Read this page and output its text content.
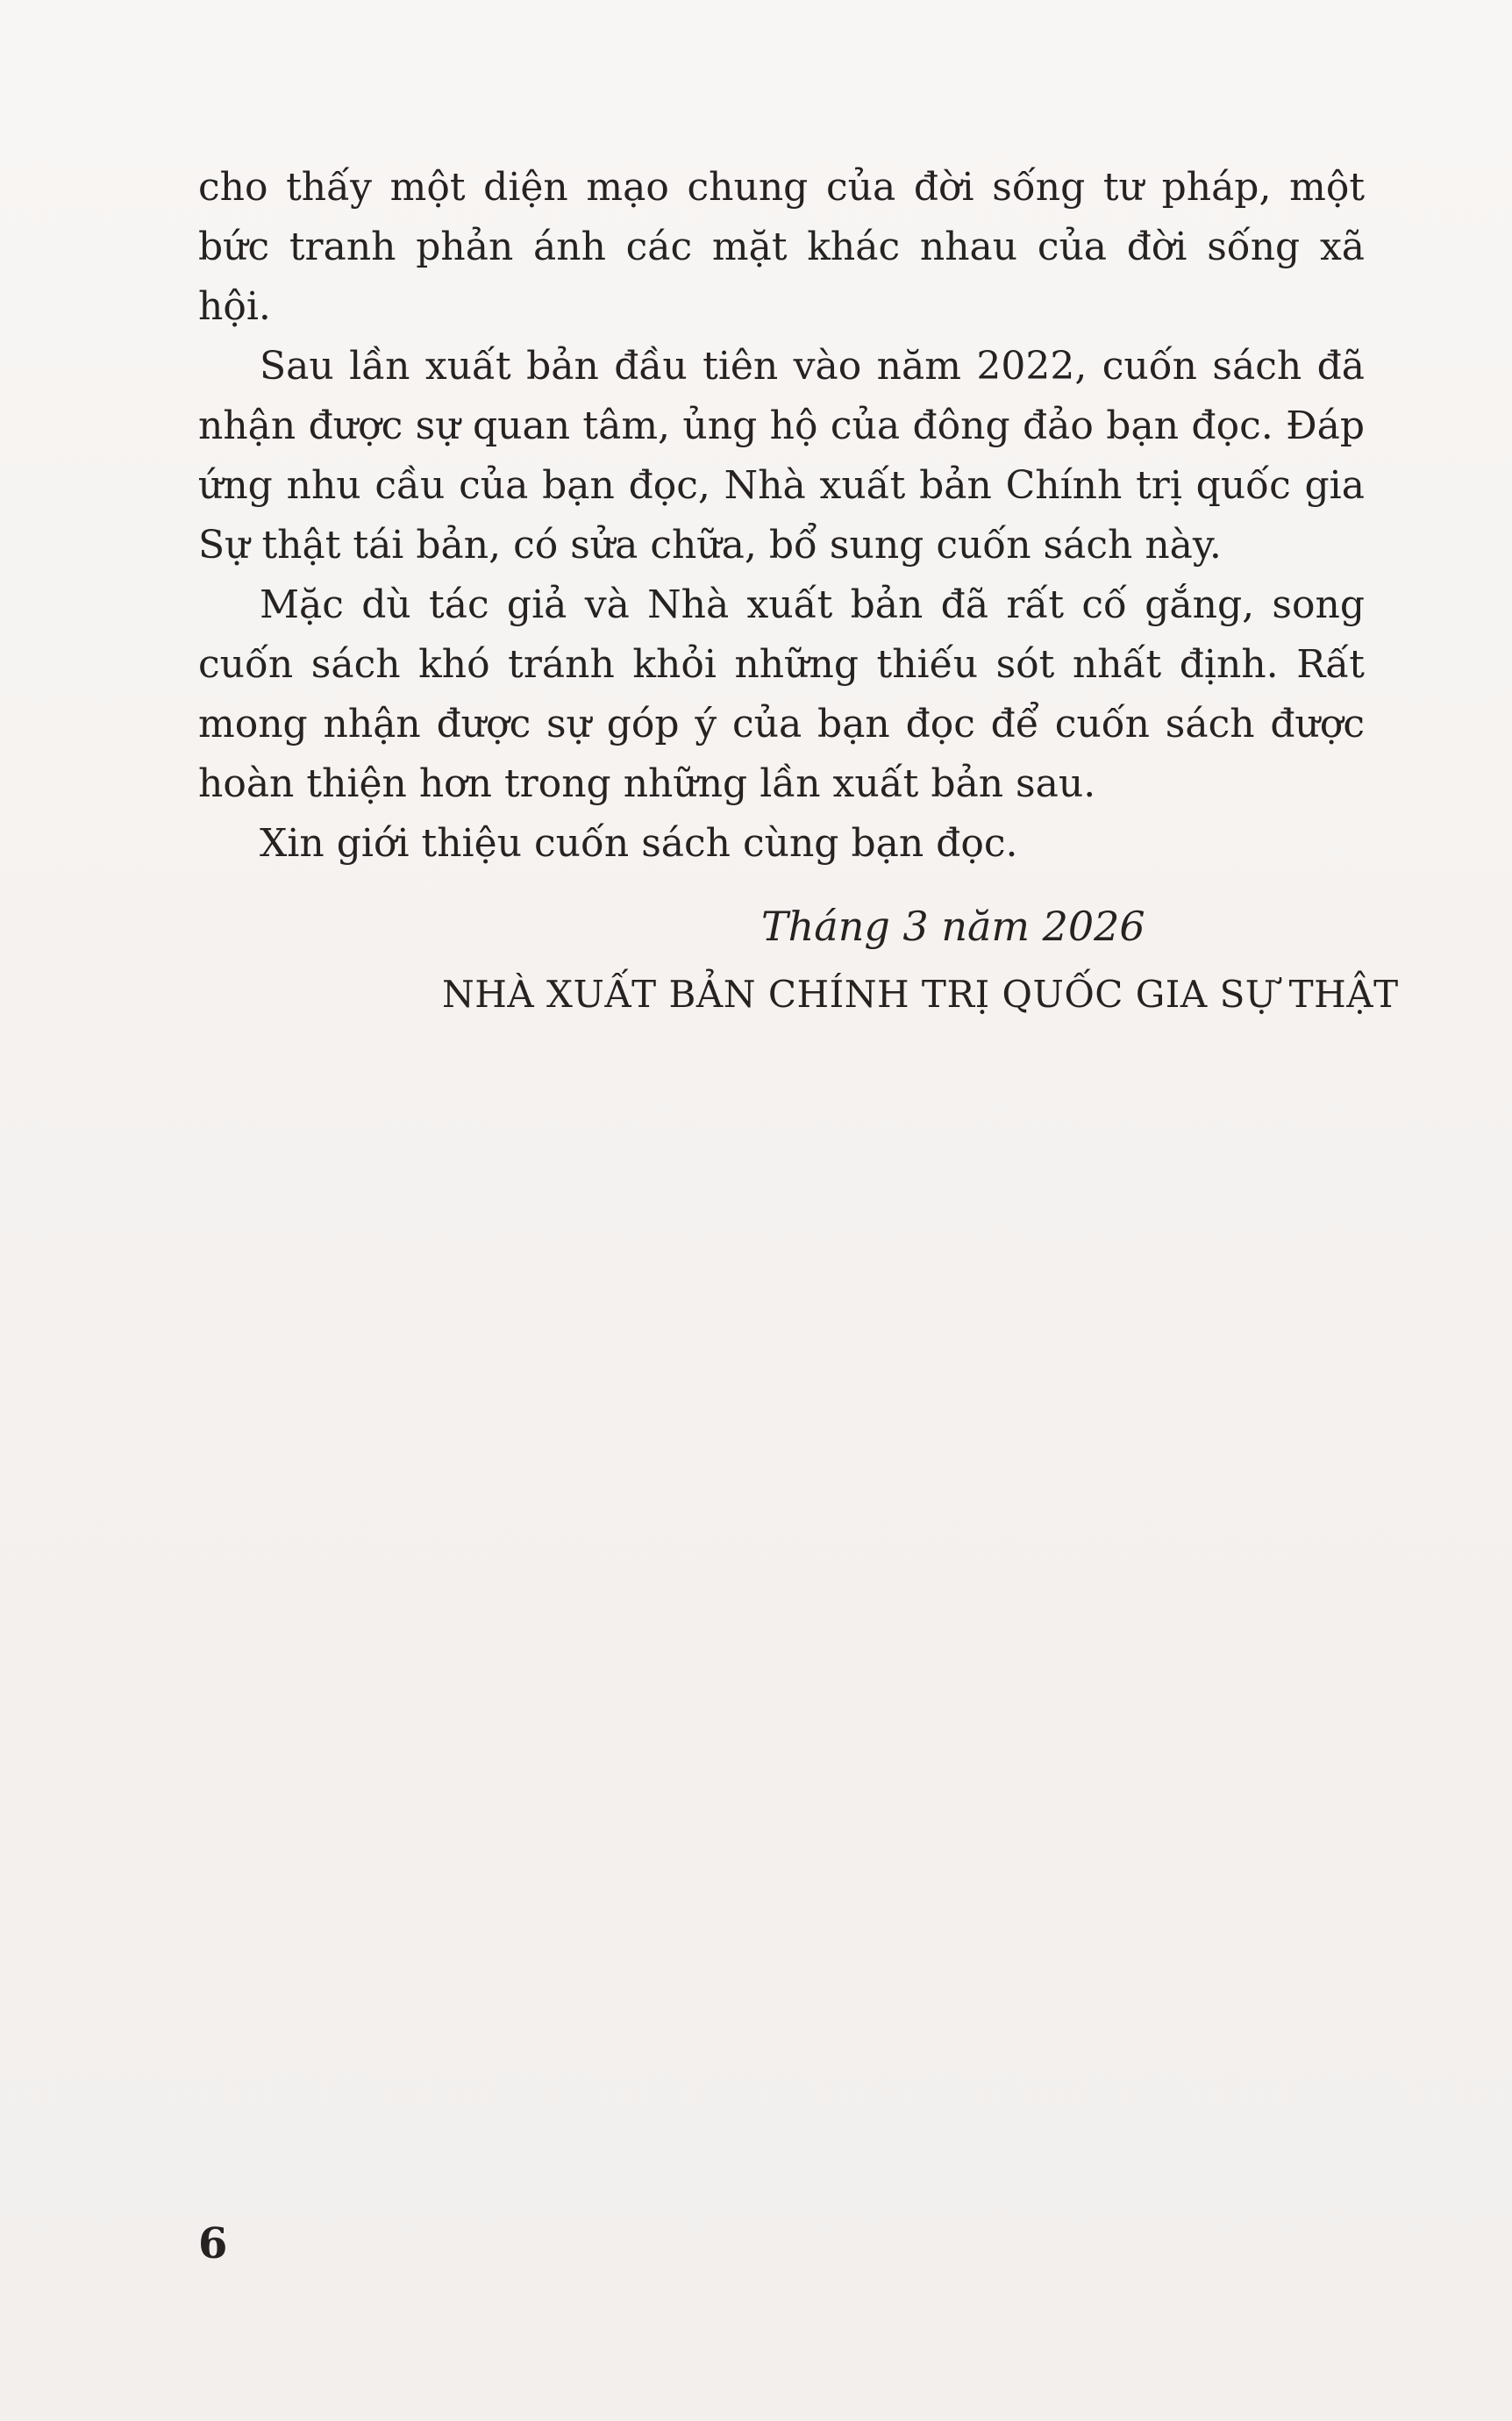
cho thấy một diện mạo chung của đời sống tư pháp, một bức tranh phản ánh các mặt khác nhau của đời sống xã hội.

Sau lần xuất bản đầu tiên vào năm 2022, cuốn sách đã nhận được sự quan tâm, ủng hộ của đông đảo bạn đọc. Đáp ứng nhu cầu của bạn đọc, Nhà xuất bản Chính trị quốc gia Sự thật tái bản, có sửa chữa, bổ sung cuốn sách này.

Mặc dù tác giả và Nhà xuất bản đã rất cố gắng, song cuốn sách khó tránh khỏi những thiếu sót nhất định. Rất mong nhận được sự góp ý của bạn đọc để cuốn sách được hoàn thiện hơn trong những lần xuất bản sau.

Xin giới thiệu cuốn sách cùng bạn đọc.

Tháng 3 năm 2026
NHÀ XUẤT BẢN CHÍNH TRỊ QUỐC GIA SỰ THẬT
6
